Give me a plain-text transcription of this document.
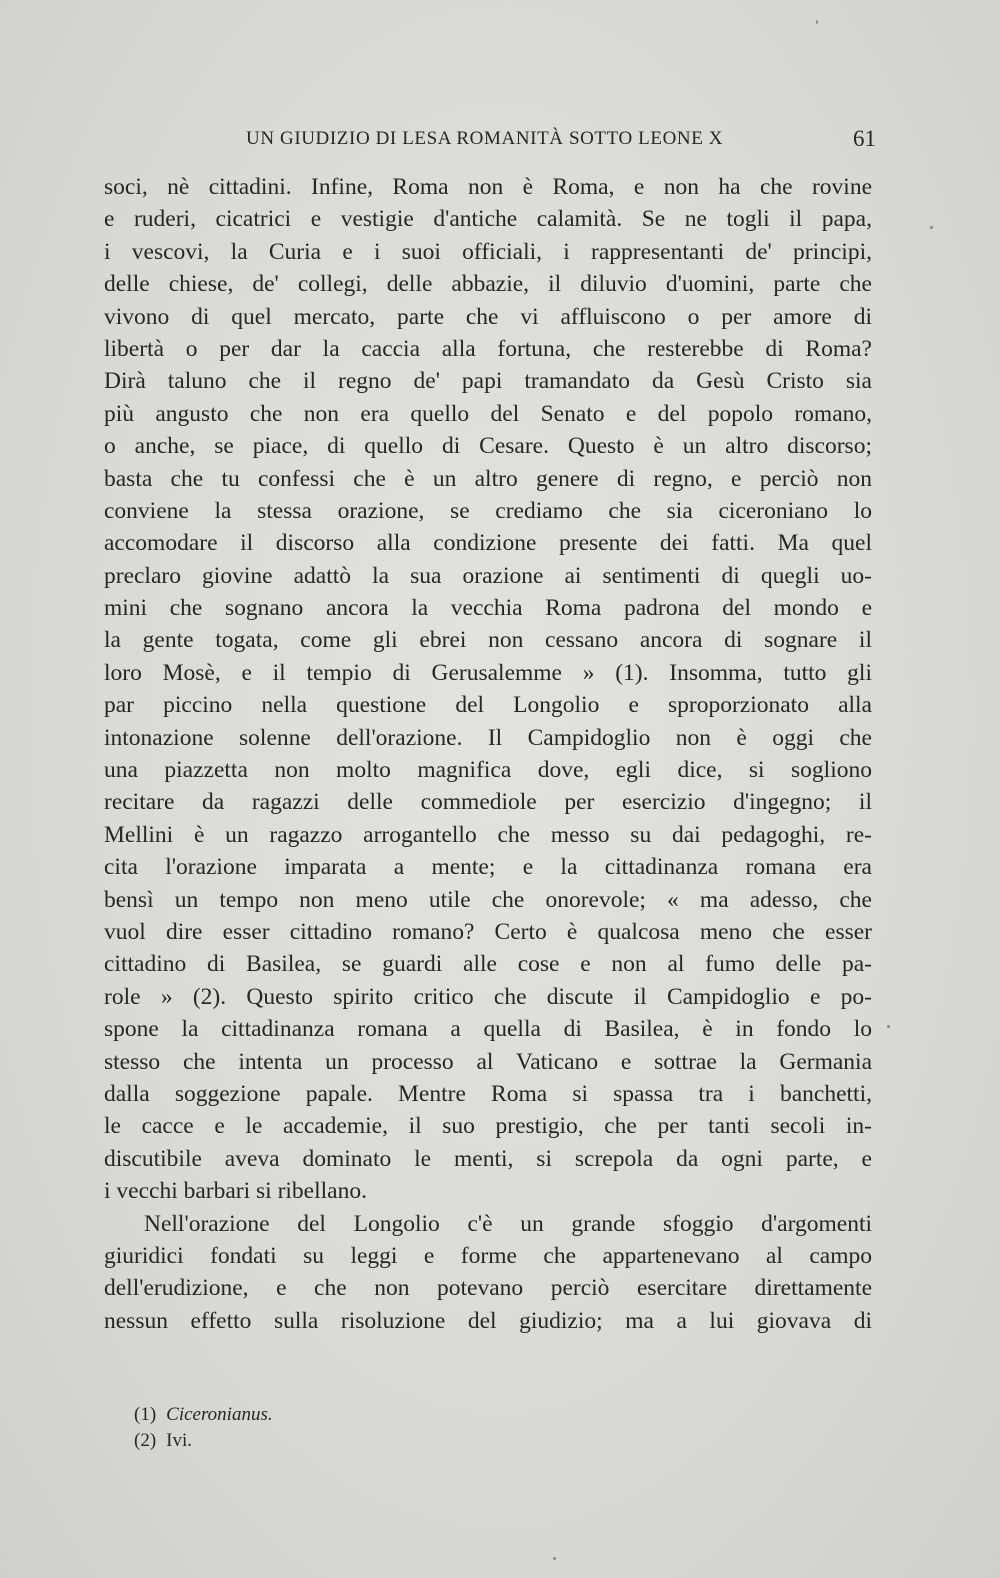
UN GIUDIZIO DI LESA ROMANITÀ SOTTO LEONE X	61
soci, nè cittadini. Infine, Roma non è Roma, e non ha che rovine
e ruderi, cicatrici e vestigie d'antiche calamità. Se ne togli il papa,
i vescovi, la Curia e i suoi officiali, i rappresentanti de' principi,
delle chiese, de' collegi, delle abbazie, il diluvio d'uomini, parte che
vivono di quel mercato, parte che vi affluiscono o per amore di
libertà o per dar la caccia alla fortuna, che resterebbe di Roma?
Dirà taluno che il regno de' papi tramandato da Gesù Cristo sia
più angusto che non era quello del Senato e del popolo romano,
o anche, se piace, di quello di Cesare. Questo è un altro discorso;
basta che tu confessi che è un altro genere di regno, e perciò non
conviene la stessa orazione, se crediamo che sia ciceroniano lo
accomodare il discorso alla condizione presente dei fatti. Ma quel
preclaro giovine adattò la sua orazione ai sentimenti di quegli uo-
mini che sognano ancora la vecchia Roma padrona del mondo e
la gente togata, come gli ebrei non cessano ancora di sognare il
loro Mosè, e il tempio di Gerusalemme » (1). Insomma, tutto gli
par piccino nella questione del Longolio e sproporzionato alla
intonazione solenne dell'orazione. Il Campidoglio non è oggi che
una piazzetta non molto magnifica dove, egli dice, si sogliono
recitare da ragazzi delle commediole per esercizio d'ingegno; il
Mellini è un ragazzo arrogantello che messo su dai pedagoghi, re-
cita l'orazione imparata a mente; e la cittadinanza romana era
bensì un tempo non meno utile che onorevole; « ma adesso, che
vuol dire esser cittadino romano? Certo è qualcosa meno che esser
cittadino di Basilea, se guardi alle cose e non al fumo delle pa-
role » (2). Questo spirito critico che discute il Campidoglio e po-
spone la cittadinanza romana a quella di Basilea, è in fondo lo
stesso che intenta un processo al Vaticano e sottrae la Germania
dalla soggezione papale. Mentre Roma si spassa tra i banchetti,
le cacce e le accademie, il suo prestigio, che per tanti secoli in-
discutibile aveva dominato le menti, si screpola da ogni parte, e
i vecchi barbari si ribellano.
Nell'orazione del Longolio c'è un grande sfoggio d'argomenti
giuridici fondati su leggi e forme che appartenevano al campo
dell'erudizione, e che non potevano perciò esercitare direttamente
nessun effetto sulla risoluzione del giudizio; ma a lui giovava di
(1) Ciceronianus.
(2) Ivi.
